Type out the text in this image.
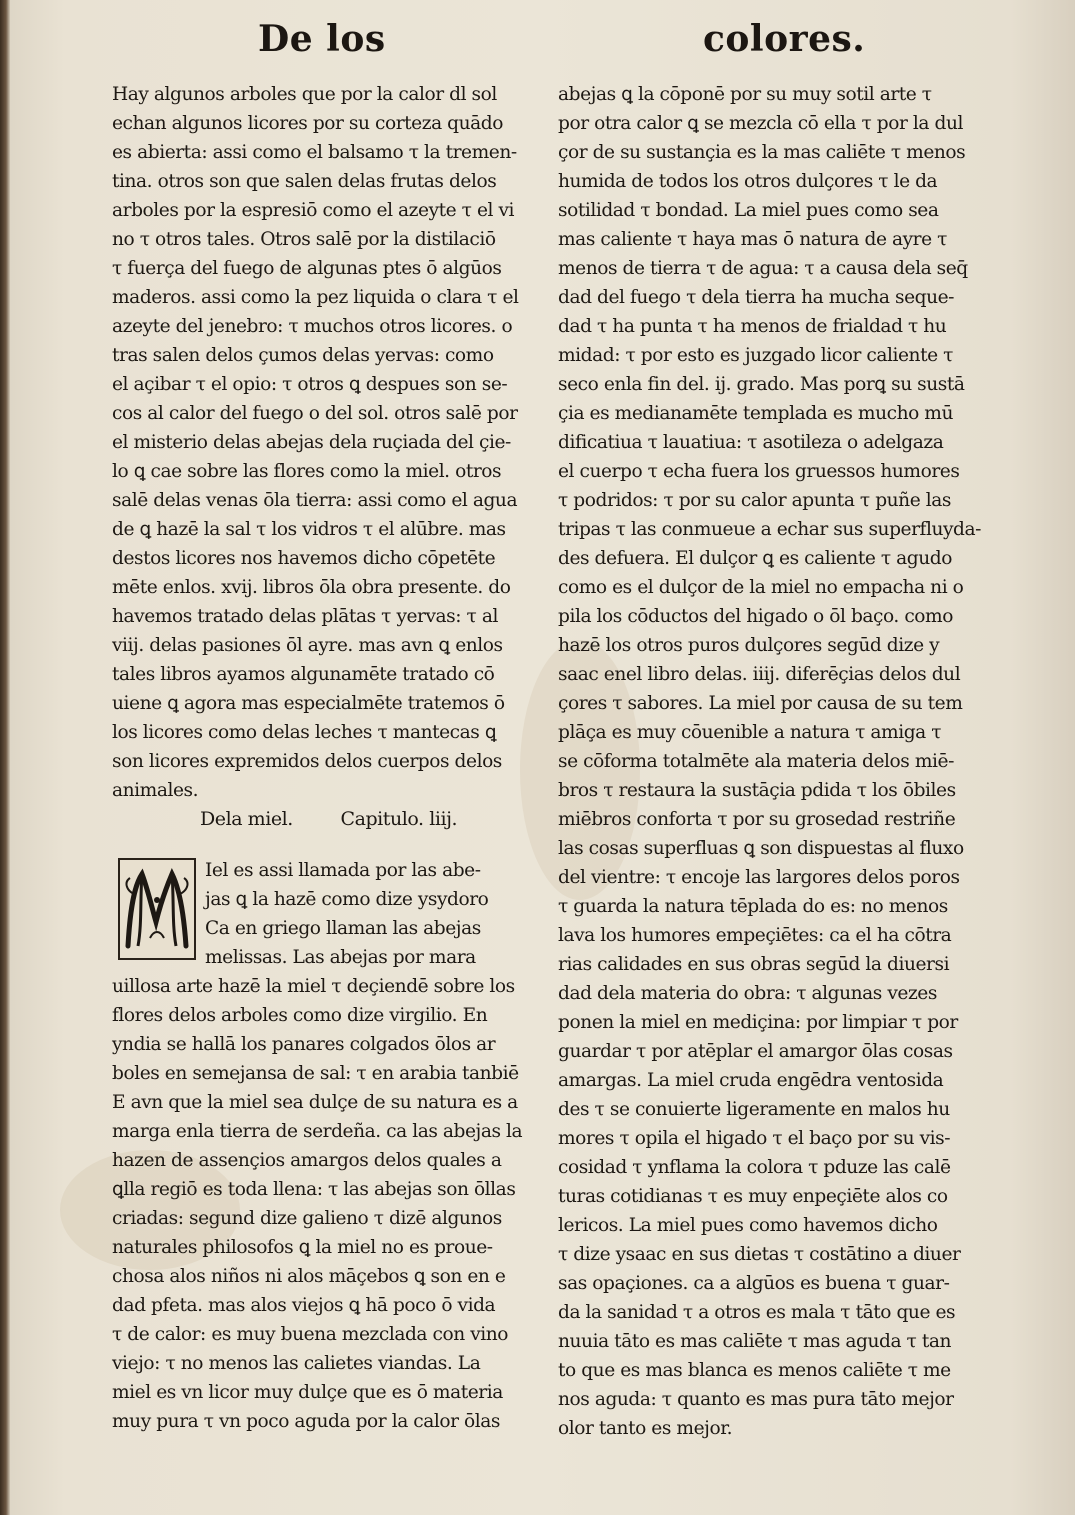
De los	colores.
Hay algunos arboles que por la calor dl sol
echan algunos licores por su corteza quādo
es abierta: assi como el balsamo τ la tremen-
tina. otros son que salen delas frutas delos
arboles por la espresiō como el azeyte τ el vi
no τ otros tales. Otros salē por la distilaciō
τ fuerça del fuego de algunas ptes ō algūos
maderos. assi como la pez liquida o clara τ el
azeyte del jenebro: τ muchos otros licores. o
tras salen delos çumos delas yervas: como
el açibar τ el opio: τ otros ꝗ despues son se-
cos al calor del fuego o del sol. otros salē por
el misterio delas abejas dela ruçiada del çie-
lo ꝗ cae sobre las flores como la miel. otros
salē delas venas ōla tierra: assi como el agua
de ꝗ hazē la sal τ los vidros τ el alūbre. mas
destos licores nos havemos dicho cōpetēte
mēte enlos. xvij. libros ōla obra presente. do
havemos tratado delas plātas τ yervas: τ al
viij. delas pasiones ōl ayre. mas avn ꝗ enlos
tales libros ayamos algunamēte tratado cō
uiene ꝗ agora mas especialmēte tratemos ō
los licores como delas leches τ mantecas ꝗ
son licores expremidos delos cuerpos delos
animales.
Dela miel.	Capitulo. liij.
Iel es assi llamada por las abe-
jas ꝗ la hazē como dize ysydoro
Ca en griego llaman las abejas
melissas. Las abejas por mara
uillosa arte hazē la miel τ deçiendē sobre los
flores delos arboles como dize virgilio. En
yndia se hallā los panares colgados ōlos ar
boles en semejansa de sal: τ en arabia tanbiē
Ε avn que la miel sea dulçe de su natura es a
marga enla tierra de serdeña. ca las abejas la
hazen de assençios amargos delos quales a
ꝗlla regiō es toda llena: τ las abejas son ōllas
criadas: segund dize galieno τ dizē algunos
naturales philosofos ꝗ la miel no es proue-
chosa alos niños ni alos māçebos ꝗ son en e
dad pfeta. mas alos viejos ꝗ hā poco ō vida
τ de calor: es muy buena mezclada con vino
viejo: τ no menos las calietes viandas. La
miel es vn licor muy dulçe que es ō materia
muy pura τ vn poco aguda por la calor ōlas
abejas ꝗ la cōponē por su muy sotil arte τ
por otra calor ꝗ se mezcla cō ella τ por la dul
çor de su sustançia es la mas caliēte τ menos
humida de todos los otros dulçores τ le da
sotilidad τ bondad. La miel pues como sea
mas caliente τ haya mas ō natura de ayre τ
menos de tierra τ de agua: τ a causa dela seq̄
dad del fuego τ dela tierra ha mucha seque-
dad τ ha punta τ ha menos de frialdad τ hu
midad: τ por esto es juzgado licor caliente τ
seco enla fin del. ij. grado. Mas porꝗ su sustā
çia es medianamēte templada es mucho mū
dificatiua τ lauatiua: τ asotileza o adelgaza
el cuerpo τ echa fuera los gruessos humores
τ podridos: τ por su calor apunta τ puñe las
tripas τ las conmueue a echar sus superfluyda-
des defuera. El dulçor ꝗ es caliente τ agudo
como es el dulçor de la miel no empacha ni o
pila los cōductos del higado o ōl baço. como
hazē los otros puros dulçores segūd dize y
saac enel libro delas. iiij. diferēçias delos dul
çores τ sabores. La miel por causa de su tem
plāça es muy cōuenible a natura τ amiga τ
se cōforma totalmēte ala materia delos miē-
bros τ restaura la sustāçia pdida τ los ōbiles
miēbros conforta τ por su grosedad restriñe
las cosas superfluas ꝗ son dispuestas al fluxo
del vientre: τ encoje las largores delos poros
τ guarda la natura tēplada do es: no menos
lava los humores empeçiētes: ca el ha cōtra
rias calidades en sus obras segūd la diuersi
dad dela materia do obra: τ algunas vezes
ponen la miel en mediçina: por limpiar τ por
guardar τ por atēplar el amargor ōlas cosas
amargas. La miel cruda engēdra ventosida
des τ se conuierte ligeramente en malos hu
mores τ opila el higado τ el baço por su vis-
cosidad τ ynflama la colora τ pduze las calē
turas cotidianas τ es muy enpeçiēte alos co
lericos. La miel pues como havemos dicho
τ dize ysaac en sus dietas τ costātino a diuer
sas opaçiones. ca a algūos es buena τ guar-
da la sanidad τ a otros es mala τ tāto que es
nuuia tāto es mas caliēte τ mas aguda τ tan
to que es mas blanca es menos caliēte τ me
nos aguda: τ quanto es mas pura tāto mejor
olor tanto es mejor.
